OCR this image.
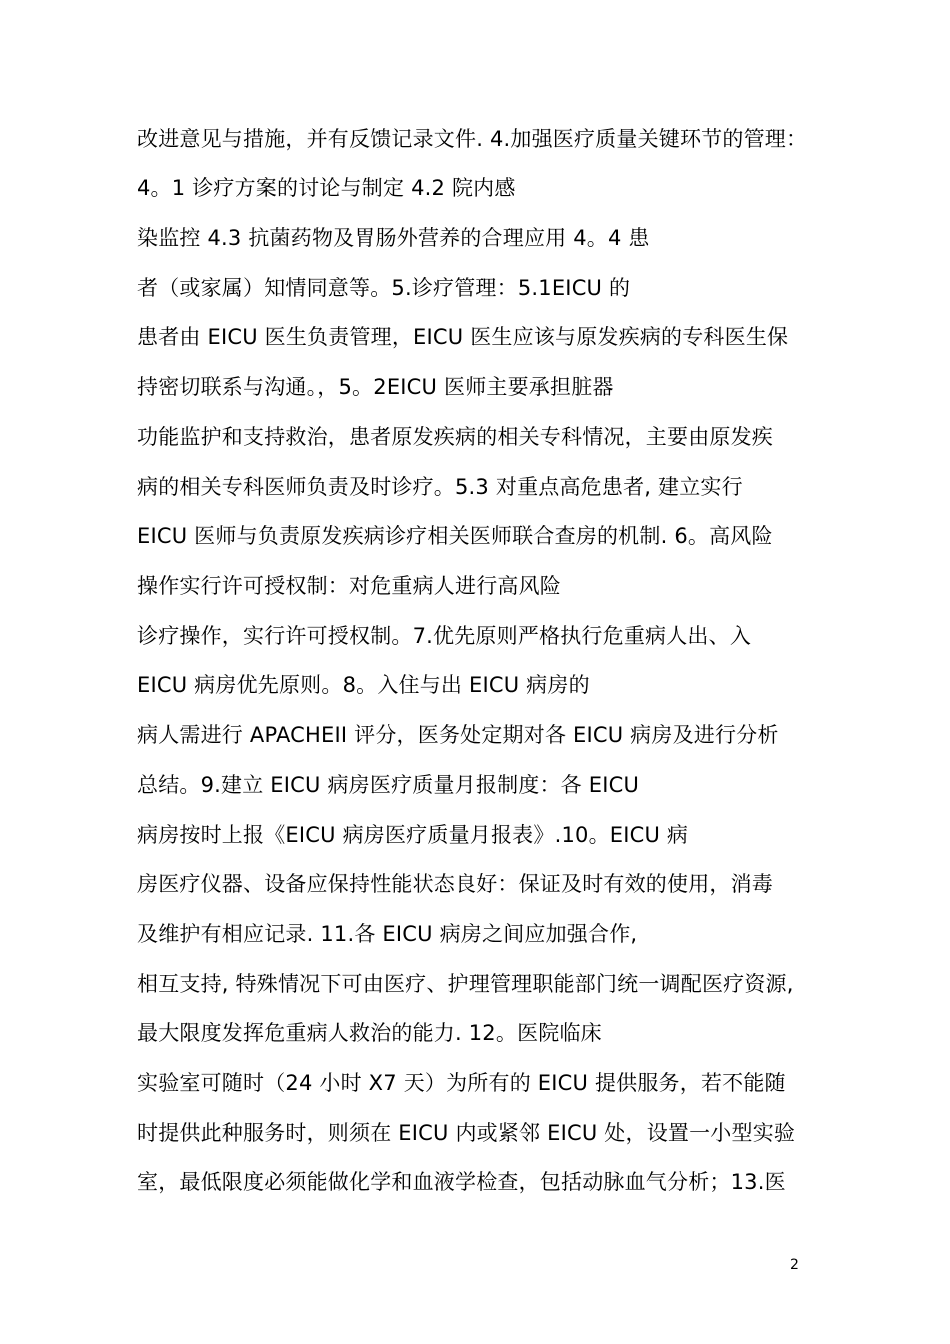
改进意见与措施，并有反馈记录文件. 4.加强医疗质量关键环节的管理：
4。1 诊疗方案的讨论与制定 4.2 院内感
染监控 4.3 抗菌药物及胃肠外营养的合理应用 4。4 患
者（或家属）知情同意等。5.诊疗管理：5.1EICU 的
患者由 EICU 医生负责管理，EICU 医生应该与原发疾病的专科医生保
持密切联系与沟通。，5。2EICU 医师主要承担脏器
功能监护和支持救治，患者原发疾病的相关专科情况，主要由原发疾
病的相关专科医师负责及时诊疗。5.3 对重点高危患者, 建立实行
EICU 医师与负责原发疾病诊疗相关医师联合查房的机制. 6。高风险
操作实行许可授权制：对危重病人进行高风险
诊疗操作，实行许可授权制。7.优先原则严格执行危重病人出、入
EICU 病房优先原则。8。入住与出 EICU 病房的
病人需进行 APACHEII 评分，医务处定期对各 EICU 病房及进行分析
总结。9.建立 EICU 病房医疗质量月报制度：各 EICU
病房按时上报《EICU 病房医疗质量月报表》.10。EICU 病
房医疗仪器、设备应保持性能状态良好：保证及时有效的使用，消毒
及维护有相应记录. 11.各 EICU 病房之间应加强合作,
相互支持, 特殊情况下可由医疗、护理管理职能部门统一调配医疗资源,
最大限度发挥危重病人救治的能力. 12。医院临床
实验室可随时（24 小时 X7 天）为所有的 EICU 提供服务，若不能随
时提供此种服务时，则须在 EICU 内或紧邻 EICU 处，设置一小型实验
室，最低限度必须能做化学和血液学检查，包括动脉血气分析；13.医
2
